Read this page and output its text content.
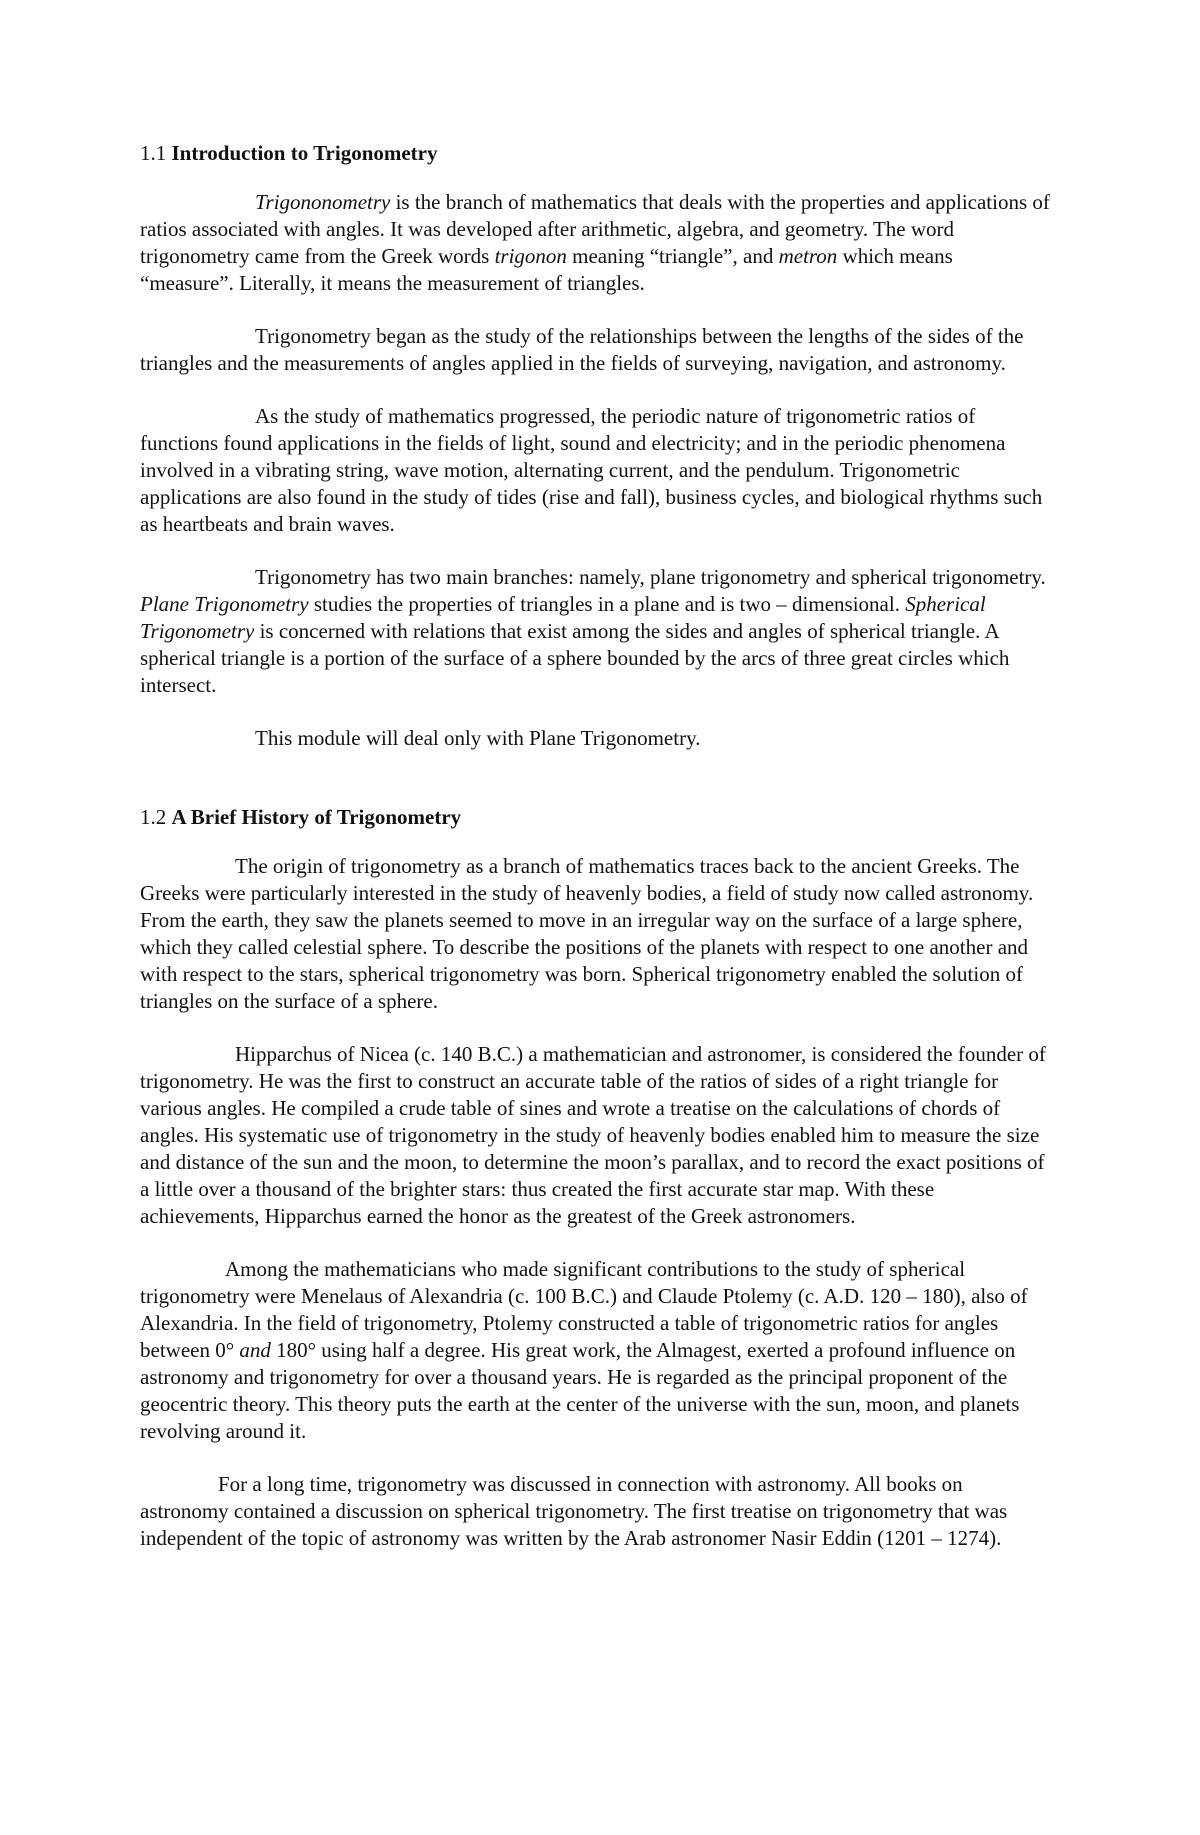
1.1 Introduction to Trigonometry

Trigononometry is the branch of mathematics that deals with the properties and applications of ratios associated with angles. It was developed after arithmetic, algebra, and geometry. The word trigonometry came from the Greek words trigonon meaning “triangle”, and metron which means “measure”. Literally, it means the measurement of triangles.

Trigonometry began as the study of the relationships between the lengths of the sides of the triangles and the measurements of angles applied in the fields of surveying, navigation, and astronomy.

As the study of mathematics progressed, the periodic nature of trigonometric ratios of functions found applications in the fields of light, sound and electricity; and in the periodic phenomena involved in a vibrating string, wave motion, alternating current, and the pendulum. Trigonometric applications are also found in the study of tides (rise and fall), business cycles, and biological rhythms such as heartbeats and brain waves.

Trigonometry has two main branches: namely, plane trigonometry and spherical trigonometry. Plane Trigonometry studies the properties of triangles in a plane and is two – dimensional. Spherical Trigonometry is concerned with relations that exist among the sides and angles of spherical triangle. A spherical triangle is a portion of the surface of a sphere bounded by the arcs of three great circles which intersect.

This module will deal only with Plane Trigonometry.

1.2 A Brief History of Trigonometry

The origin of trigonometry as a branch of mathematics traces back to the ancient Greeks. The Greeks were particularly interested in the study of heavenly bodies, a field of study now called astronomy. From the earth, they saw the planets seemed to move in an irregular way on the surface of a large sphere, which they called celestial sphere. To describe the positions of the planets with respect to one another and with respect to the stars, spherical trigonometry was born. Spherical trigonometry enabled the solution of triangles on the surface of a sphere.

Hipparchus of Nicea (c. 140 B.C.) a mathematician and astronomer, is considered the founder of trigonometry. He was the first to construct an accurate table of the ratios of sides of a right triangle for various angles. He compiled a crude table of sines and wrote a treatise on the calculations of chords of angles. His systematic use of trigonometry in the study of heavenly bodies enabled him to measure the size and distance of the sun and the moon, to determine the moon’s parallax, and to record the exact positions of a little over a thousand of the brighter stars: thus created the first accurate star map. With these achievements, Hipparchus earned the honor as the greatest of the Greek astronomers.

Among the mathematicians who made significant contributions to the study of spherical trigonometry were Menelaus of Alexandria (c. 100 B.C.) and Claude Ptolemy (c. A.D. 120 – 180), also of Alexandria. In the field of trigonometry, Ptolemy constructed a table of trigonometric ratios for angles between 0° and 180° using half a degree. His great work, the Almagest, exerted a profound influence on astronomy and trigonometry for over a thousand years. He is regarded as the principal proponent of the geocentric theory. This theory puts the earth at the center of the universe with the sun, moon, and planets revolving around it.

For a long time, trigonometry was discussed in connection with astronomy. All books on astronomy contained a discussion on spherical trigonometry. The first treatise on trigonometry that was independent of the topic of astronomy was written by the Arab astronomer Nasir Eddin (1201 – 1274).
